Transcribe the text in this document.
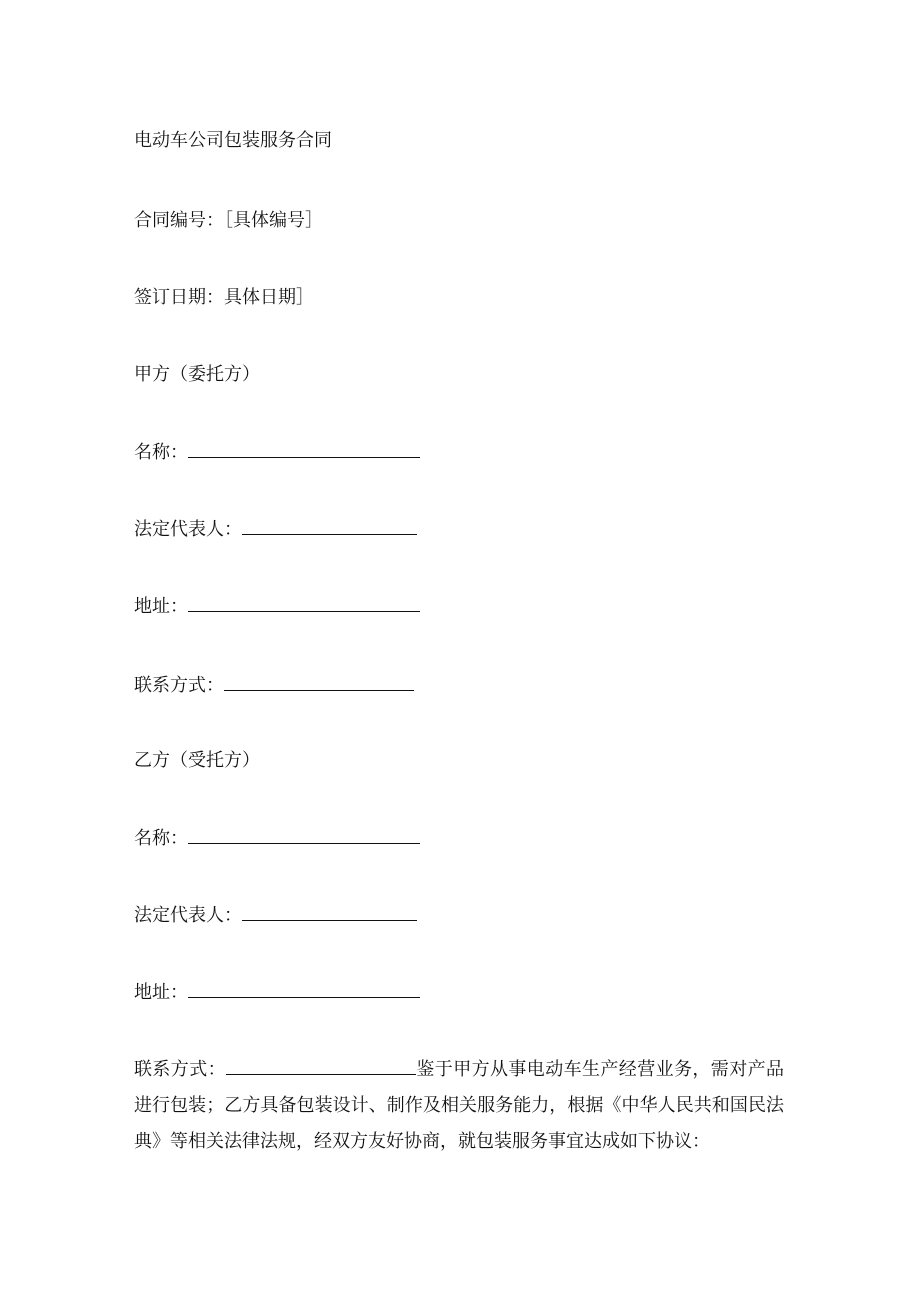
电动车公司包装服务合同
合同编号：［具体编号］
签订日期：具体日期］
甲方（委托方）
名称：
法定代表人：
地址：
联系方式：
乙方（受托方）
名称：
法定代表人：
地址：
联系方式：	鉴于甲方从事电动车生产经营业务，需对产品进行包装；乙方具备包装设计、制作及相关服务能力，根据《中华人民共和国民法典》等相关法律法规，经双方友好协商，就包装服务事宜达成如下协议：
